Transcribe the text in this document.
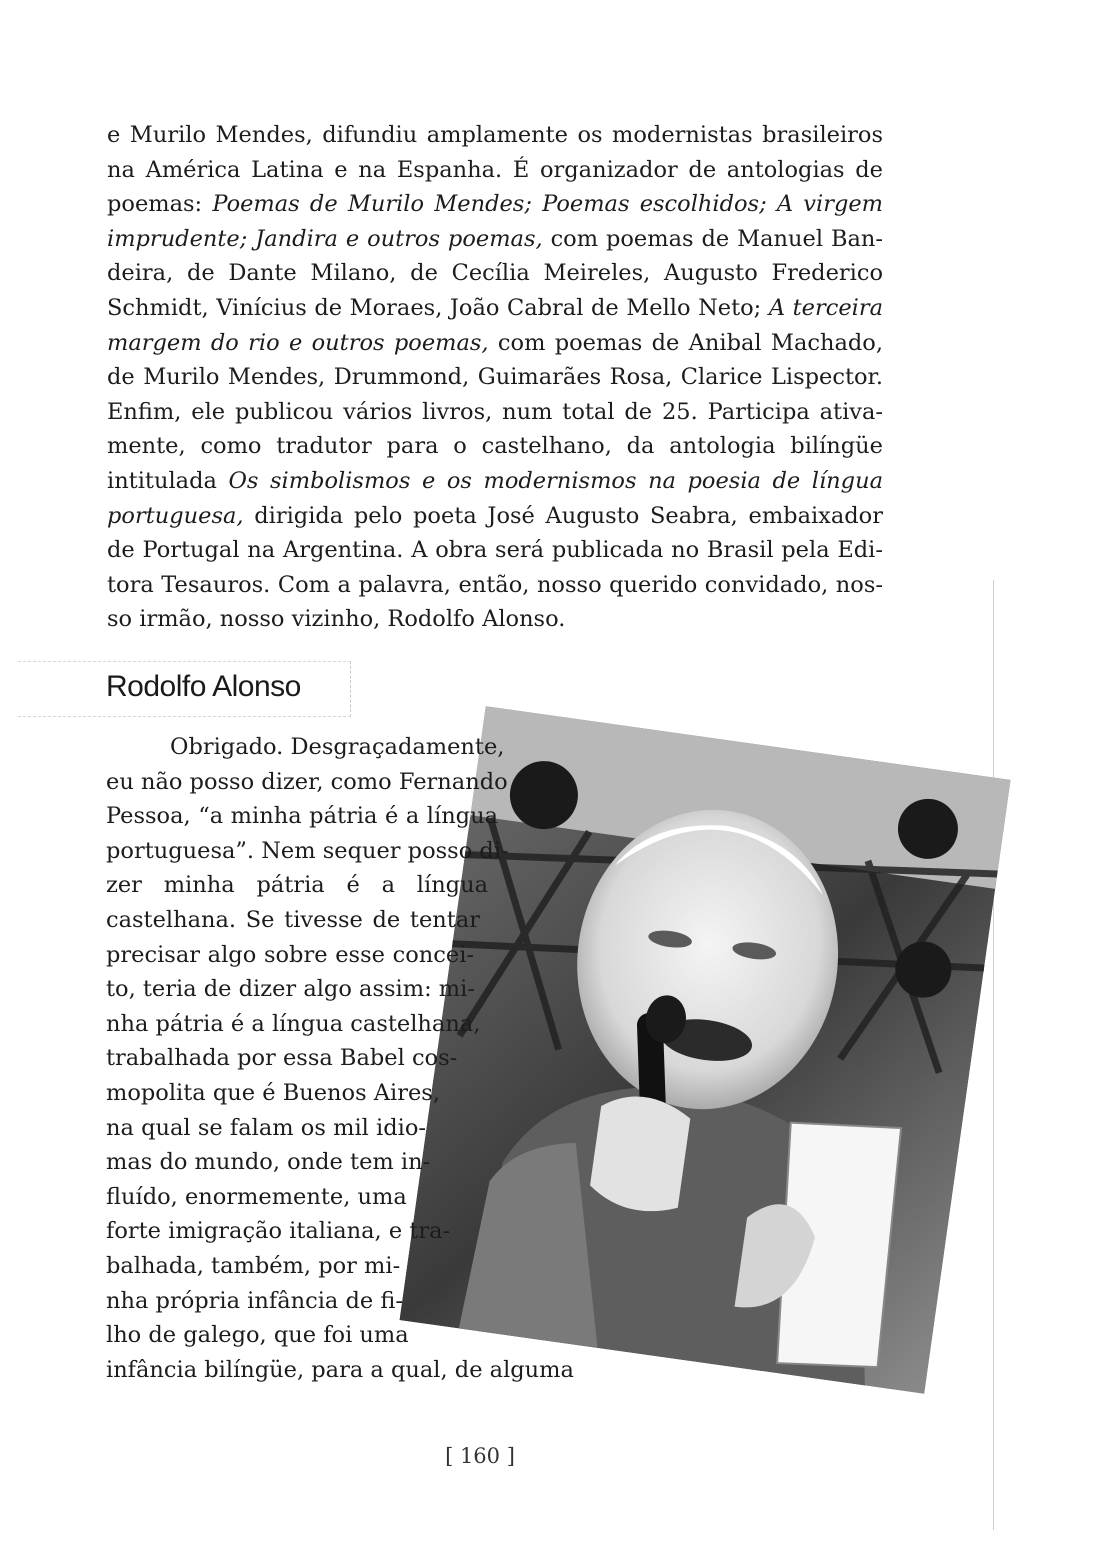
e Murilo Mendes, difundiu amplamente os modernistas brasileiros
na América Latina e na Espanha. É organizador de antologias de
poemas: Poemas de Murilo Mendes; Poemas escolhidos; A virgem
imprudente; Jandira e outros poemas, com poemas de Manuel Ban-
deira, de Dante Milano, de Cecília Meireles, Augusto Frederico
Schmidt, Vinícius de Moraes, João Cabral de Mello Neto; A terceira
margem do rio e outros poemas, com poemas de Anibal Machado,
de Murilo Mendes, Drummond, Guimarães Rosa, Clarice Lispector.
Enfim, ele publicou vários livros, num total de 25. Participa ativa-
mente, como tradutor para o castelhano, da antologia bilíngüe
intitulada Os simbolismos e os modernismos na poesia de língua
portuguesa, dirigida pelo poeta José Augusto Seabra, embaixador
de Portugal na Argentina. A obra será publicada no Brasil pela Edi-
tora Tesauros. Com a palavra, então, nosso querido convidado, nos-
so irmão, nosso vizinho, Rodolfo Alonso.
Rodolfo Alonso
Obrigado. Desgraçadamente,
eu não posso dizer, como Fernando
Pessoa, “a minha pátria é a língua
portuguesa”. Nem sequer posso di-
zer minha pátria é a língua
castelhana. Se tivesse de tentar
precisar algo sobre esse concei-
to, teria de dizer algo assim: mi-
nha pátria é a língua castelhana,
trabalhada por essa Babel cos-
mopolita que é Buenos Aires,
na qual se falam os mil idio-
mas do mundo, onde tem in-
fluído, enormemente, uma
forte imigração italiana, e tra-
balhada, também, por mi-
nha própria infância de fi-
lho de galego, que foi uma
infância bilíngüe, para a qual, de alguma
[ 160 ]
